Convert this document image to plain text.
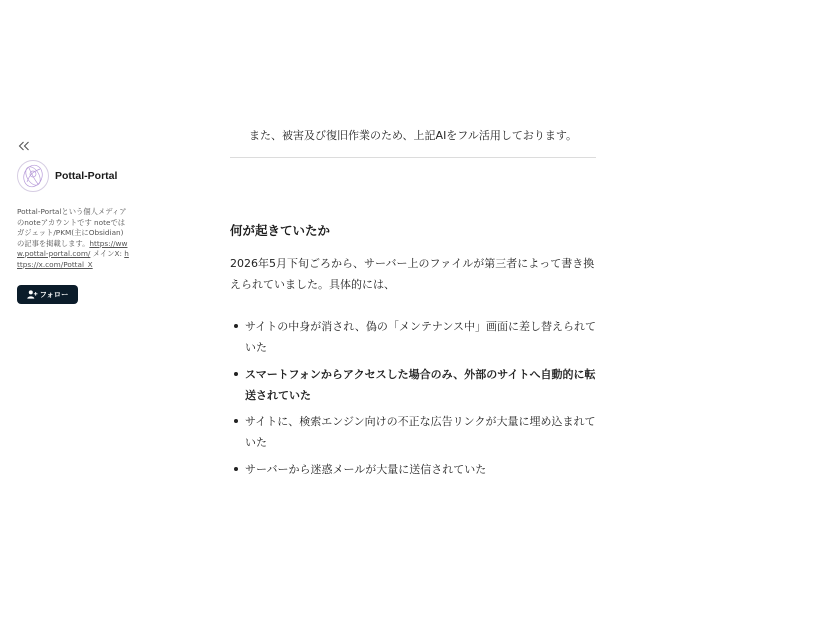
Pottal-Portal
Pottal-Portalという個人メディアのnoteアカウントです noteではガジェット/PKM(主にObsidian)の記事を掲載します。https://www.pottal-portal.com/ メインX: https://x.com/Pottal_X
フォロー

また、被害及び復旧作業のため、上記AIをフル活用しております。

何が起きていたか

2026年5月下旬ごろから、サーバー上のファイルが第三者によって書き換えられていました。具体的には、

サイトの中身が消され、偽の「メンテナンス中」画面に差し替えられていた
スマートフォンからアクセスした場合のみ、外部のサイトへ自動的に転送されていた
サイトに、検索エンジン向けの不正な広告リンクが大量に埋め込まれていた
サーバーから迷惑メールが大量に送信されていた
